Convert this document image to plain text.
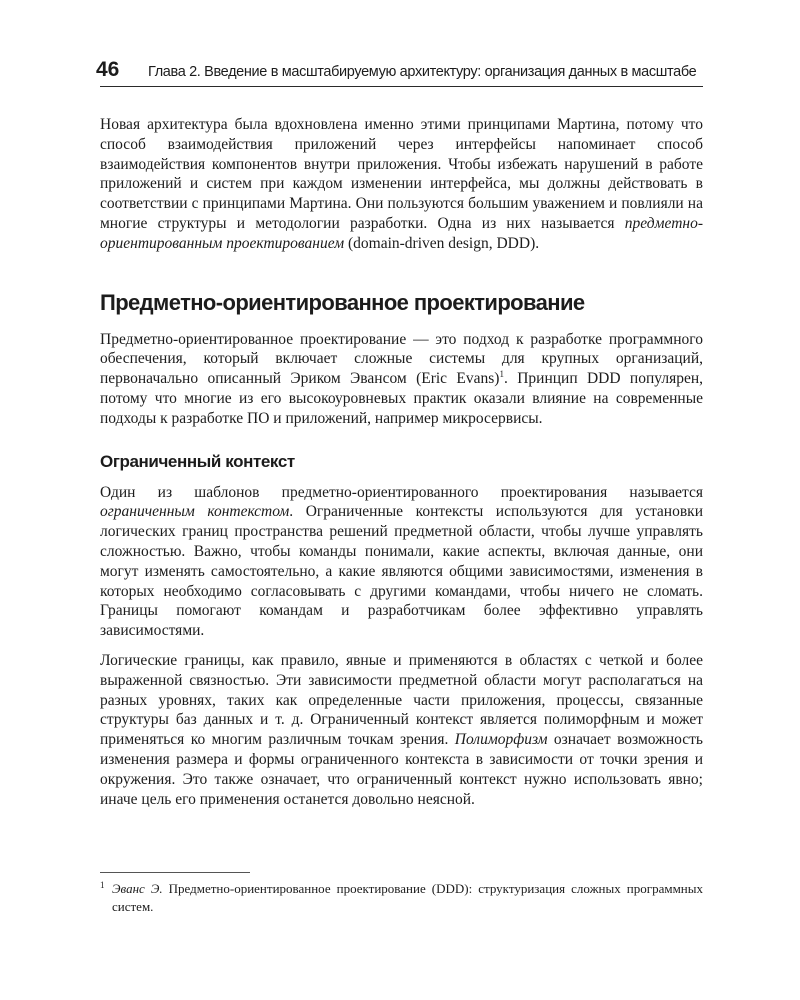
46	Глава 2. Введение в масштабируемую архитектуру: организация данных в масштабе

Новая архитектура была вдохновлена именно этими принципами Мартина, потому что способ взаимодействия приложений через интерфейсы напоминает способ взаимодействия компонентов внутри приложения. Чтобы избежать нарушений в работе приложений и систем при каждом изменении интерфейса, мы должны действовать в соответствии с принципами Мартина. Они пользуются большим уважением и повлияли на многие структуры и методологии разработки. Одна из них называется предметно-ориентированным проектированием (domain-driven design, DDD).

Предметно-ориентированное проектирование

Предметно-ориентированное проектирование — это подход к разработке программного обеспечения, который включает сложные системы для крупных организаций, первоначально описанный Эриком Эвансом (Eric Evans)$^1$. Принцип DDD популярен, потому что многие из его высокоуровневых практик оказали влияние на современные подходы к разработке ПО и приложений, например микросервисы.

Ограниченный контекст

Один из шаблонов предметно-ориентированного проектирования называется ограниченным контекстом. Ограниченные контексты используются для установки логических границ пространства решений предметной области, чтобы лучше управлять сложностью. Важно, чтобы команды понимали, какие аспекты, включая данные, они могут изменять самостоятельно, а какие являются общими зависимостями, изменения в которых необходимо согласовывать с другими командами, чтобы ничего не сломать. Границы помогают командам и разработчикам более эффективно управлять зависимостями.

Логические границы, как правило, явные и применяются в областях с четкой и более выраженной связностью. Эти зависимости предметной области могут располагаться на разных уровнях, таких как определенные части приложения, процессы, связанные структуры баз данных и т. д. Ограниченный контекст является полиморфным и может применяться ко многим различным точкам зрения. Полиморфизм означает возможность изменения размера и формы ограниченного контекста в зависимости от точки зрения и окружения. Это также означает, что ограниченный контекст нужно использовать явно; иначе цель его применения останется довольно неясной.

1 Эванс Э. Предметно-ориентированное проектирование (DDD): структуризация сложных программных систем.
